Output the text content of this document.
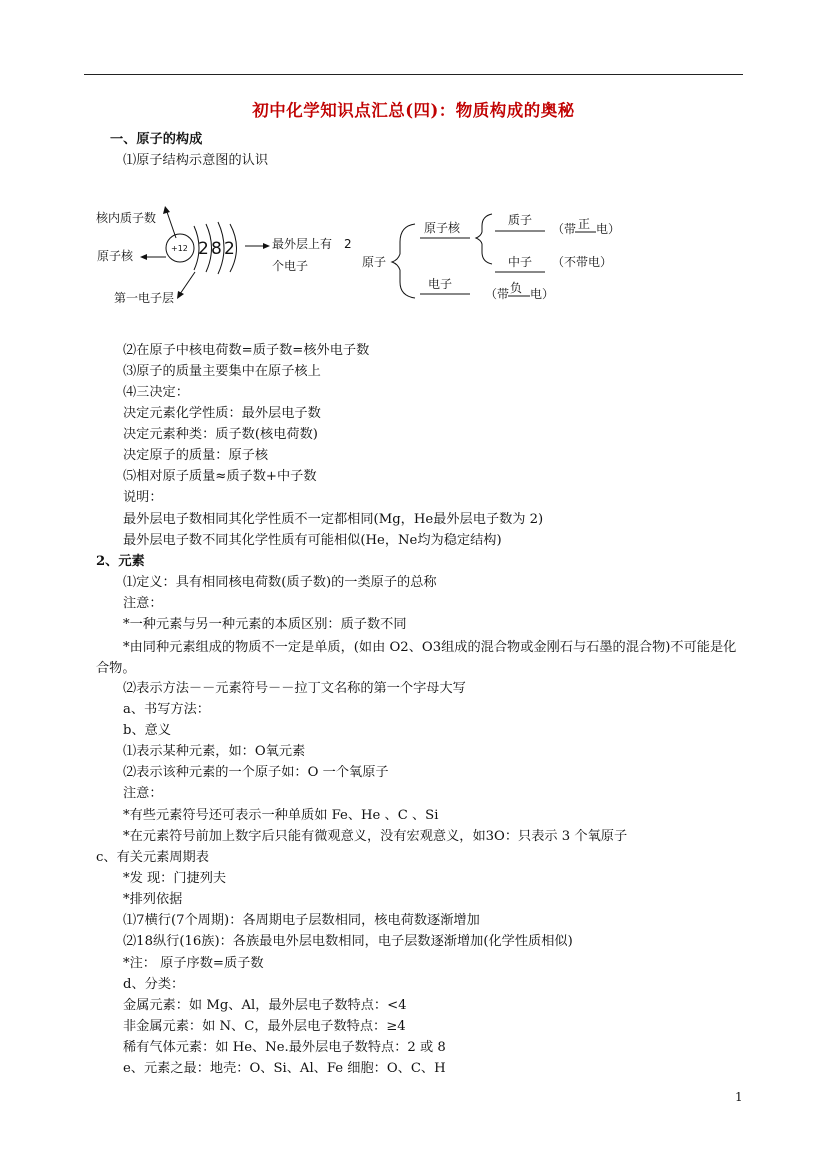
初中化学知识点汇总(四)：物质构成的奥秘
一、原子的构成
⑴原子结构示意图的认识
核内质子数
原子核
第一电子层
+12 2 8 2	最外层上有 2
个电子	原子
原子核
电子
（带 负 电）
质子
（带 正 电）
中子 （不带电）
⑵在原子中核电荷数=质子数=核外电子数
⑶原子的质量主要集中在原子核上
⑷三决定：
决定元素化学性质：最外层电子数
决定元素种类：质子数(核电荷数)
决定原子的质量：原子核
⑸相对原子质量≈质子数+中子数
说明：
最外层电子数相同其化学性质不一定都相同(Mg，He最外层电子数为 2)
最外层电子数不同其化学性质有可能相似(He，Ne均为稳定结构)
2、元素
⑴定义：具有相同核电荷数(质子数)的一类原子的总称
注意：
*一种元素与另一种元素的本质区别：质子数不同
*由同种元素组成的物质不一定是单质，(如由 O2、O3组成的混合物或金刚石与石墨的混合物)不可能是化合物。
⑵表示方法－－元素符号－－拉丁文名称的第一个字母大写
a、书写方法：
b、意义
⑴表示某种元素，如：O氧元素
⑵表示该种元素的一个原子如：O 一个氧原子
注意：
*有些元素符号还可表示一种单质如 Fe、He 、C 、Si
*在元素符号前加上数字后只能有微观意义，没有宏观意义，如3O：只表示 3 个氧原子
c、有关元素周期表
*发 现：门捷列夫
*排列依据
⑴7横行(7个周期)：各周期电子层数相同，核电荷数逐渐增加
⑵18纵行(16族)：各族最电外层电数相同，电子层数逐渐增加(化学性质相似)
*注： 原子序数=质子数
d、分类：
金属元素：如 Mg、Al，最外层电子数特点：<4
非金属元素：如 N、C，最外层电子数特点：≥4
稀有气体元素：如 He、Ne.最外层电子数特点：2 或 8
e、元素之最：地壳：O、Si、Al、Fe 细胞：O、C、H
1
